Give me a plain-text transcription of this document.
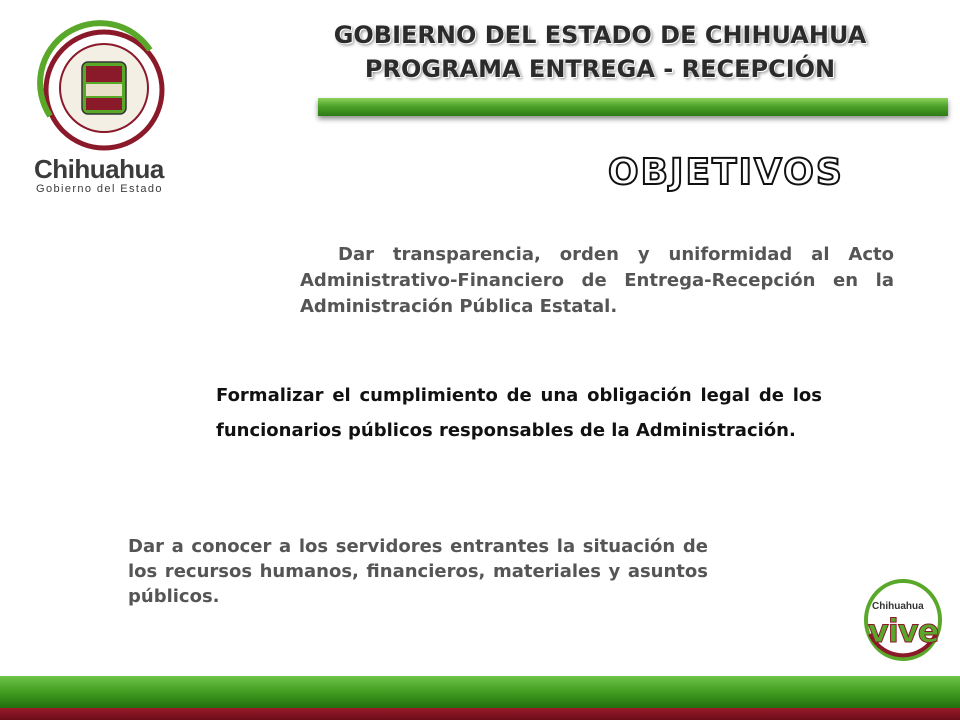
Chihuahua
Gobierno del Estado
GOBIERNO DEL ESTADO DE CHIHUAHUA
PROGRAMA ENTREGA - RECEPCIÓN
OBJETIVOS
Dar transparencia, orden y uniformidad al Acto Administrativo-Financiero de Entrega-Recepción en la Administración Pública Estatal.
Formalizar el cumplimiento de una obligación legal de los funcionarios públicos responsables de la Administración.
Dar a conocer a los servidores entrantes la situación de los recursos humanos, financieros, materiales y asuntos públicos.	Chihuahua
vive
